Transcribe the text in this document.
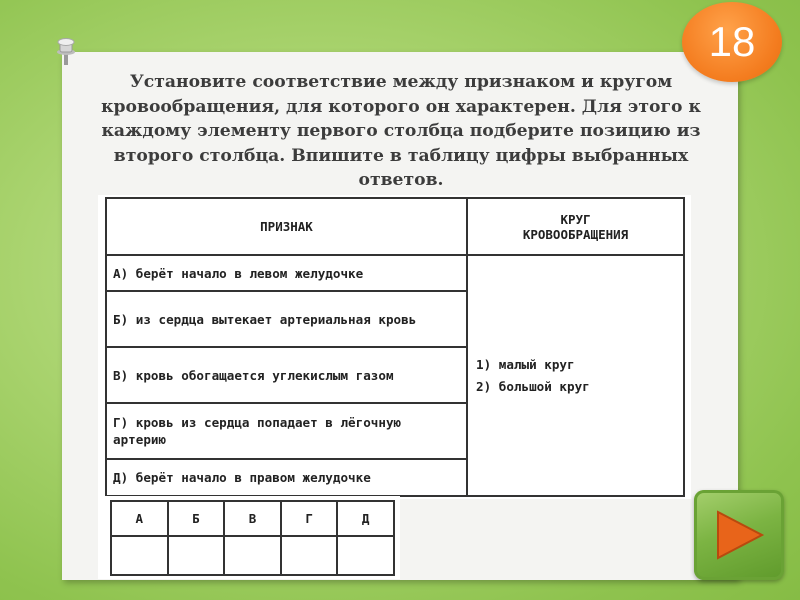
Установите соответствие между признаком и кругом кровообращения, для которого он характерен. Для этого к каждому элементу первого столбца подберите позицию из второго столбца. Впишите в таблицу цифры выбранных ответов.

18
ПРИЗНАК	КРУГ
КРОВООБРАЩЕНИЯ
А) берёт начало в левом желудочке	1) малый круг
2) большой круг

Б) из сердца вытекает артериальная кровь	
В) кровь обогащается углекислым газом	
Г) кровь из сердца попадает в лёгочную артерию	
Д) берёт начало в правом желудочке	
А	Б	В	Г	Д
